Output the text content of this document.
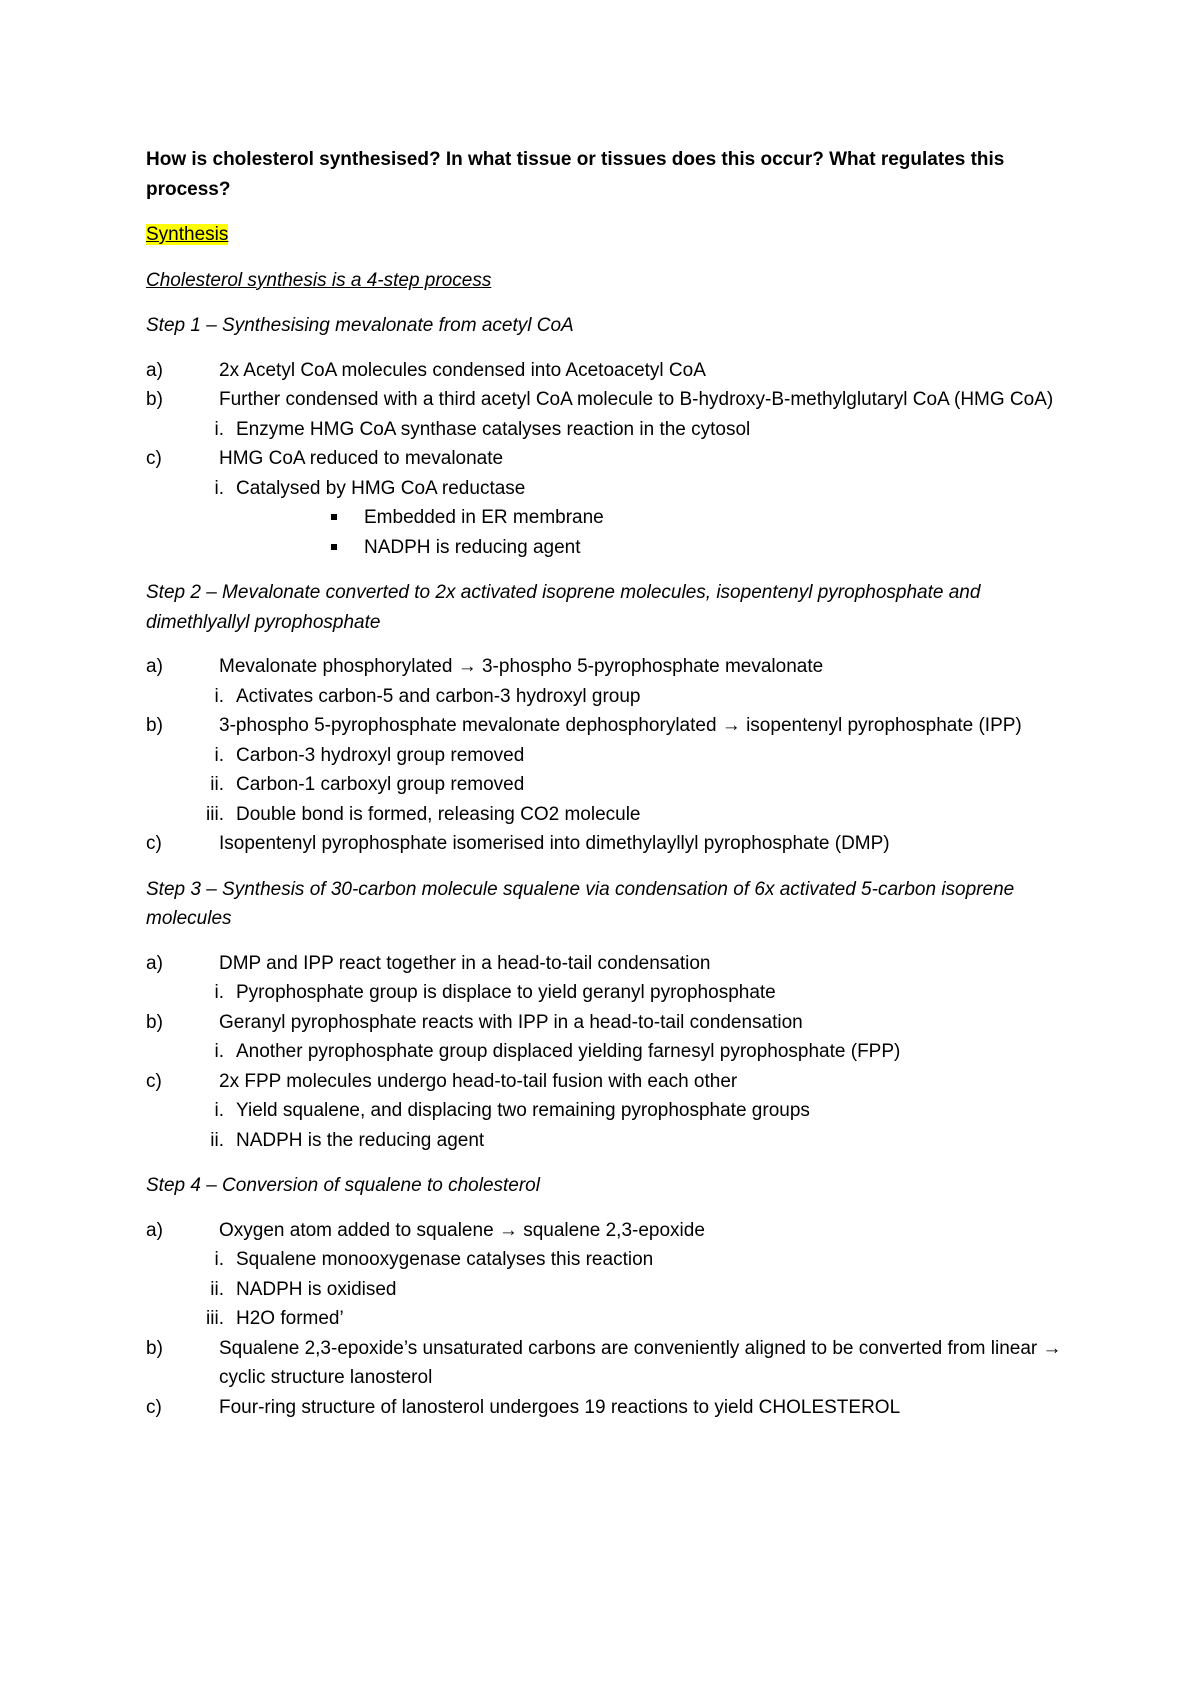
How is cholesterol synthesised? In what tissue or tissues does this occur? What regulates this process?

Synthesis

Cholesterol synthesis is a 4-step process

Step 1 – Synthesising mevalonate from acetyl CoA

a)	2x Acetyl CoA molecules condensed into Acetoacetyl CoA
b)	Further condensed with a third acetyl CoA molecule to B-hydroxy-B-methylglutaryl CoA (HMG CoA)
i. Enzyme HMG CoA synthase catalyses reaction in the cytosol
c)	HMG CoA reduced to mevalonate
i. Catalysed by HMG CoA reductase
Embedded in ER membrane
NADPH is reducing agent

Step 2 – Mevalonate converted to 2x activated isoprene molecules, isopentenyl pyrophosphate and dimethlyallyl pyrophosphate

a)	Mevalonate phosphorylated → 3-phospho 5-pyrophosphate mevalonate
i. Activates carbon-5 and carbon-3 hydroxyl group
b)	3-phospho 5-pyrophosphate mevalonate dephosphorylated → isopentenyl pyrophosphate (IPP)
i. Carbon-3 hydroxyl group removed
ii. Carbon-1 carboxyl group removed
iii. Double bond is formed, releasing CO2 molecule
c)	Isopentenyl pyrophosphate isomerised into dimethylayllyl pyrophosphate (DMP)

Step 3 – Synthesis of 30-carbon molecule squalene via condensation of 6x activated 5-carbon isoprene molecules

a)	DMP and IPP react together in a head-to-tail condensation
i. Pyrophosphate group is displace to yield geranyl pyrophosphate
b)	Geranyl pyrophosphate reacts with IPP in a head-to-tail condensation
i. Another pyrophosphate group displaced yielding farnesyl pyrophosphate (FPP)
c)	2x FPP molecules undergo head-to-tail fusion with each other
i. Yield squalene, and displacing two remaining pyrophosphate groups
ii. NADPH is the reducing agent

Step 4 – Conversion of squalene to cholesterol

a)	Oxygen atom added to squalene → squalene 2,3-epoxide
i. Squalene monooxygenase catalyses this reaction
ii. NADPH is oxidised
iii. H2O formed’
b)	Squalene 2,3-epoxide’s unsaturated carbons are conveniently aligned to be converted from linear → cyclic structure lanosterol
c)	Four-ring structure of lanosterol undergoes 19 reactions to yield CHOLESTEROL
